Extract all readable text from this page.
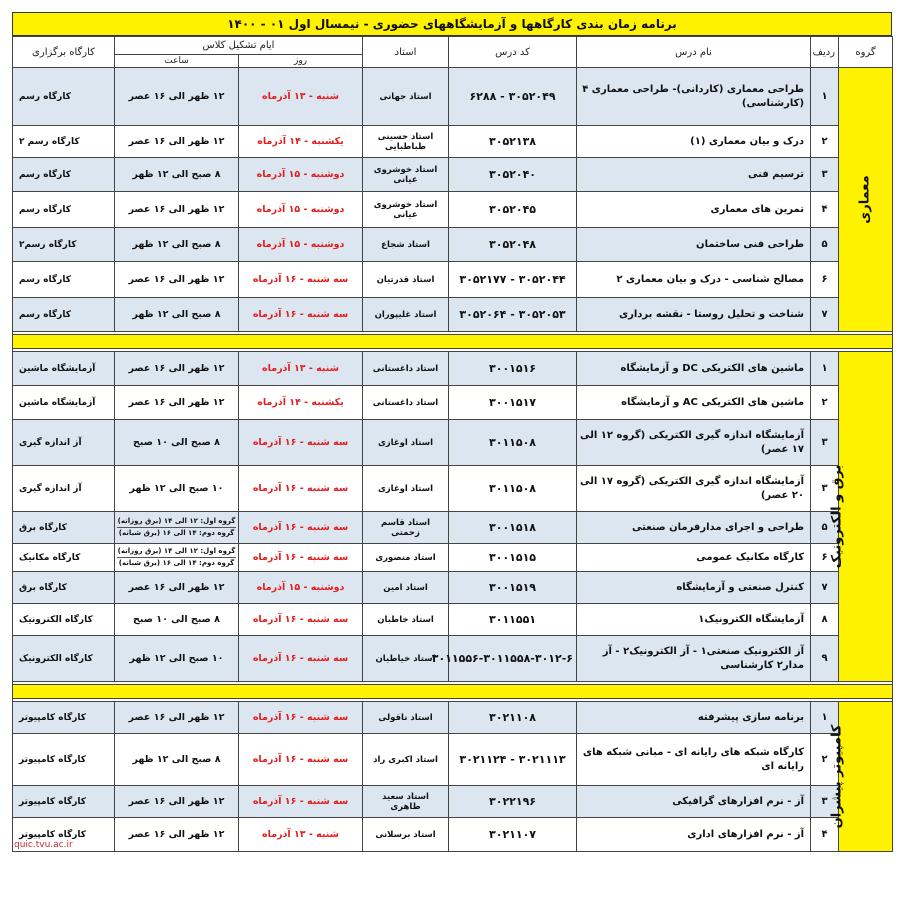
برنامه زمان بندی کارگاهها و آزمایشگاههای حضوری - نیمسال اول ۰۱ - ۱۴۰۰
گروه	ردیف	نام درس	کد درس	استاد	ایام تشکیل کلاس		کارگاه برگزاری
					روز	ساعت	
معماری	۱	طراحی معماری (کاردانی)- طراحی معماری ۴ (کارشناسی)	۳۰۵۲۰۴۹ - ۶۲۸۸	استاد جهانی	شنبه - ۱۳ آذرماه	۱۲ ظهر الی ۱۶ عصر	کارگاه رسم
	۲	درک و بیان معماری (۱)	۳۰۵۲۱۳۸	استاد حسینی طباطبایی	یکشنبه - ۱۴ آذرماه	۱۲ ظهر الی ۱۶ عصر	کارگاه رسم ۲
	۳	ترسیم فنی	۳۰۵۲۰۴۰	استاد خوشروی عیانی	دوشنبه - ۱۵ آذرماه	۸ صبح الی ۱۲ ظهر	کارگاه رسم
	۴	تمرین های معماری	۳۰۵۲۰۴۵	استاد خوشروی عیانی	دوشنبه - ۱۵ آذرماه	۱۲ ظهر الی ۱۶ عصر	کارگاه رسم
	۵	طراحی فنی ساختمان	۳۰۵۲۰۴۸	استاد شجاع	دوشنبه - ۱۵ آذرماه	۸ صبح الی ۱۲ ظهر	کارگاه رسم۲
	۶	مصالح شناسی - درک و بیان معماری ۲	۳۰۵۲۰۴۴ - ۳۰۵۲۱۷۷	استاد قدرتیان	سه شنبه - ۱۶ آذرماه	۱۲ ظهر الی ۱۶ عصر	کارگاه رسم
	۷	شناخت و تحلیل روستا - نقشه برداری	۳۰۵۲۰۵۳ - ۳۰۵۲۰۶۴	استاد غلیپوران	سه شنبه - ۱۶ آذرماه	۸ صبح الی ۱۲ ظهر	کارگاه رسم

برق و الکترونیک	۱	ماشین های الکتریکی DC و آزمایشگاه	۳۰۰۱۵۱۶	استاد داغستانی	شنبه - ۱۳ آذرماه	۱۲ ظهر الی ۱۶ عصر	آزمایشگاه ماشین
	۲	ماشین های الکتریکی AC و آزمایشگاه	۳۰۰۱۵۱۷	استاد داغستانی	یکشنبه - ۱۴ آذرماه	۱۲ ظهر الی ۱۶ عصر	آزمایشگاه ماشین
	۳	آزمایشگاه اندازه گیری الکتریکی (گروه ۱۲ الی ۱۷ عصر)	۳۰۱۱۵۰۸	استاد اوغازی	سه شنبه - ۱۶ آذرماه	۸ صبح الی ۱۰ صبح	آز اندازه گیری
	۳	آزمایشگاه اندازه گیری الکتریکی (گروه ۱۷ الی ۲۰ عصر)	۳۰۱۱۵۰۸	استاد اوغازی	سه شنبه - ۱۶ آذرماه	۱۰ صبح الی ۱۲ ظهر	آز اندازه گیری
	۵	طراحی و اجرای مدارفرمان صنعتی	۳۰۰۱۵۱۸	استاد قاسم زحمتی	سه شنبه - ۱۶ آذرماه	گروه اول: ۱۲ الی ۱۴ (برق روزانه)
گروه دوم: ۱۴ الی ۱۶ (برق شبانه)	کارگاه برق
	۶	کارگاه مکانیک عمومی	۳۰۰۱۵۱۵	استاد منصوری	سه شنبه - ۱۶ آذرماه	گروه اول: ۱۲ الی ۱۴ (برق روزانه)
گروه دوم: ۱۴ الی ۱۶ (برق شبانه)	کارگاه مکانیک
	۷	کنترل صنعتی و آزمایشگاه	۳۰۰۱۵۱۹	استاد امین	دوشنبه - ۱۵ آذرماه	۱۲ ظهر الی ۱۶ عصر	کارگاه برق
	۸	آزمایشگاه الکترونیک۱	۳۰۱۱۵۵۱	استاد خاطبان	سه شنبه - ۱۶ آذرماه	۸ صبح الی ۱۰ صبح	کارگاه الکترونیک
	۹	آز الکترونیک صنعتی۱ - آز الکترونیک۲ - آز مدار۲ کارشناسی	۳۰۱۱۵۵۶-۳۰۱۱۵۵۸-۳۰۱۲-۶	استاد خیاطیان	سه شنبه - ۱۶ آذرماه	۱۰ صبح الی ۱۲ ظهر	کارگاه الکترونیک

کامپیوتر پیشران	۱	برنامه سازی پیشرفته	۳۰۲۱۱۰۸	استاد ناقولی	سه شنبه - ۱۶ آذرماه	۱۲ ظهر الی ۱۶ عصر	کارگاه کامپیوتر
	۲	کارگاه شبکه های رایانه ای - مبانی شبکه های رایانه ای	۳۰۲۱۱۱۳ - ۳۰۲۱۱۲۴	استاد اکبری راد	سه شنبه - ۱۶ آذرماه	۸ صبح الی ۱۲ ظهر	کارگاه کامپیوتر
	۳	آز - نرم افزارهای گرافیکی	۳۰۲۲۱۹۶	استاد سعید طاهری	سه شنبه - ۱۶ آذرماه	۱۲ ظهر الی ۱۶ عصر	کارگاه کامپیوتر
	۴	آز - نرم افزارهای اداری	۳۰۲۱۱۰۷	استاد برسلانی	شنبه - ۱۳ آذرماه	۱۲ ظهر الی ۱۶ عصر	کارگاه کامپیوتر
quic.tvu.ac.ir
